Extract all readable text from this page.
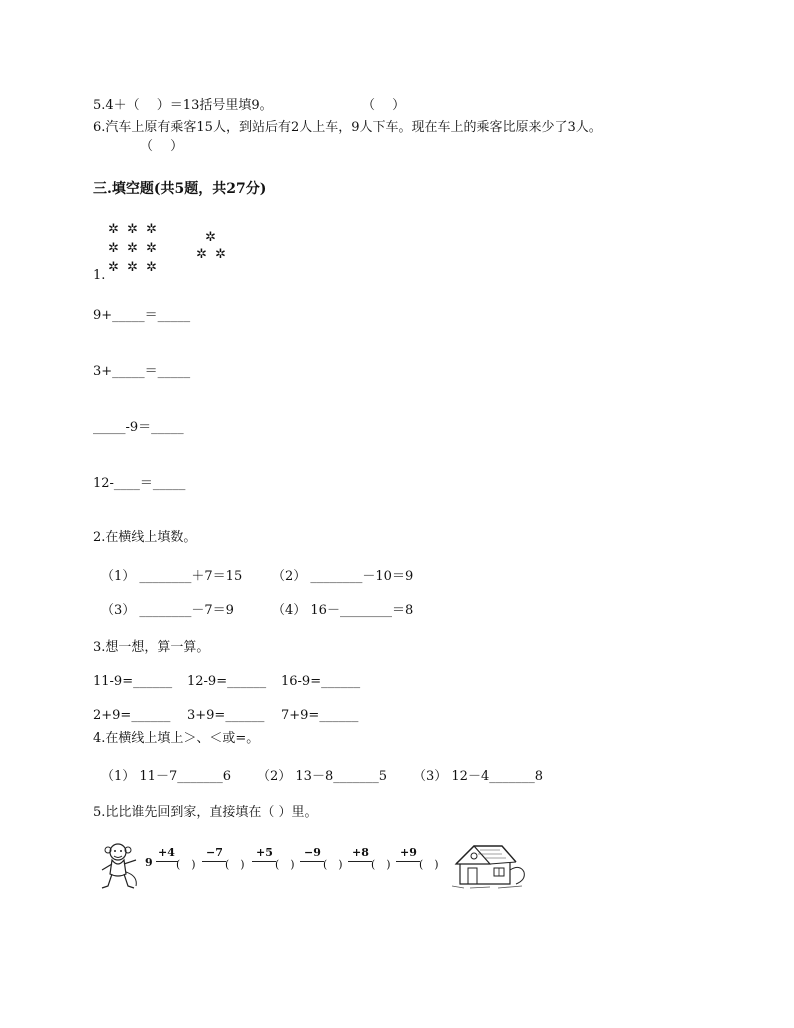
5.4＋（　 ）＝13括号里填9。	（　 ）
6.汽车上原有乘客15人，到站后有2人上车，9人下车。现在车上的乘客比原来少了3人。
（　 ）
三.填空题(共5题，共27分)
✲ ✲ ✲
✲ ✲ ✲
✲ ✲ ✲
✲
✲ ✲
1.
9+_____＝_____
3+_____＝_____
_____-9＝_____
12-____＝_____
2.在横线上填数。
（1） ________＋7＝15 （2） ________－10＝9
（3） ________－7＝9	（4） 16－________＝8
3.想一想，算一算。
11-9=______ 12-9=______ 16-9=______
2+9=______ 3+9=______ 7+9=______
4.在横线上填上＞、＜或=。
（1） 11－7_______6 （2） 13－8_______5 （3） 12－4_______8
5.比比谁先回到家，直接填在（ ）里。
9
+4
(　)
−7
(　)
+5
(　)
−9
(　)
+8
(　)
+9
(　)
